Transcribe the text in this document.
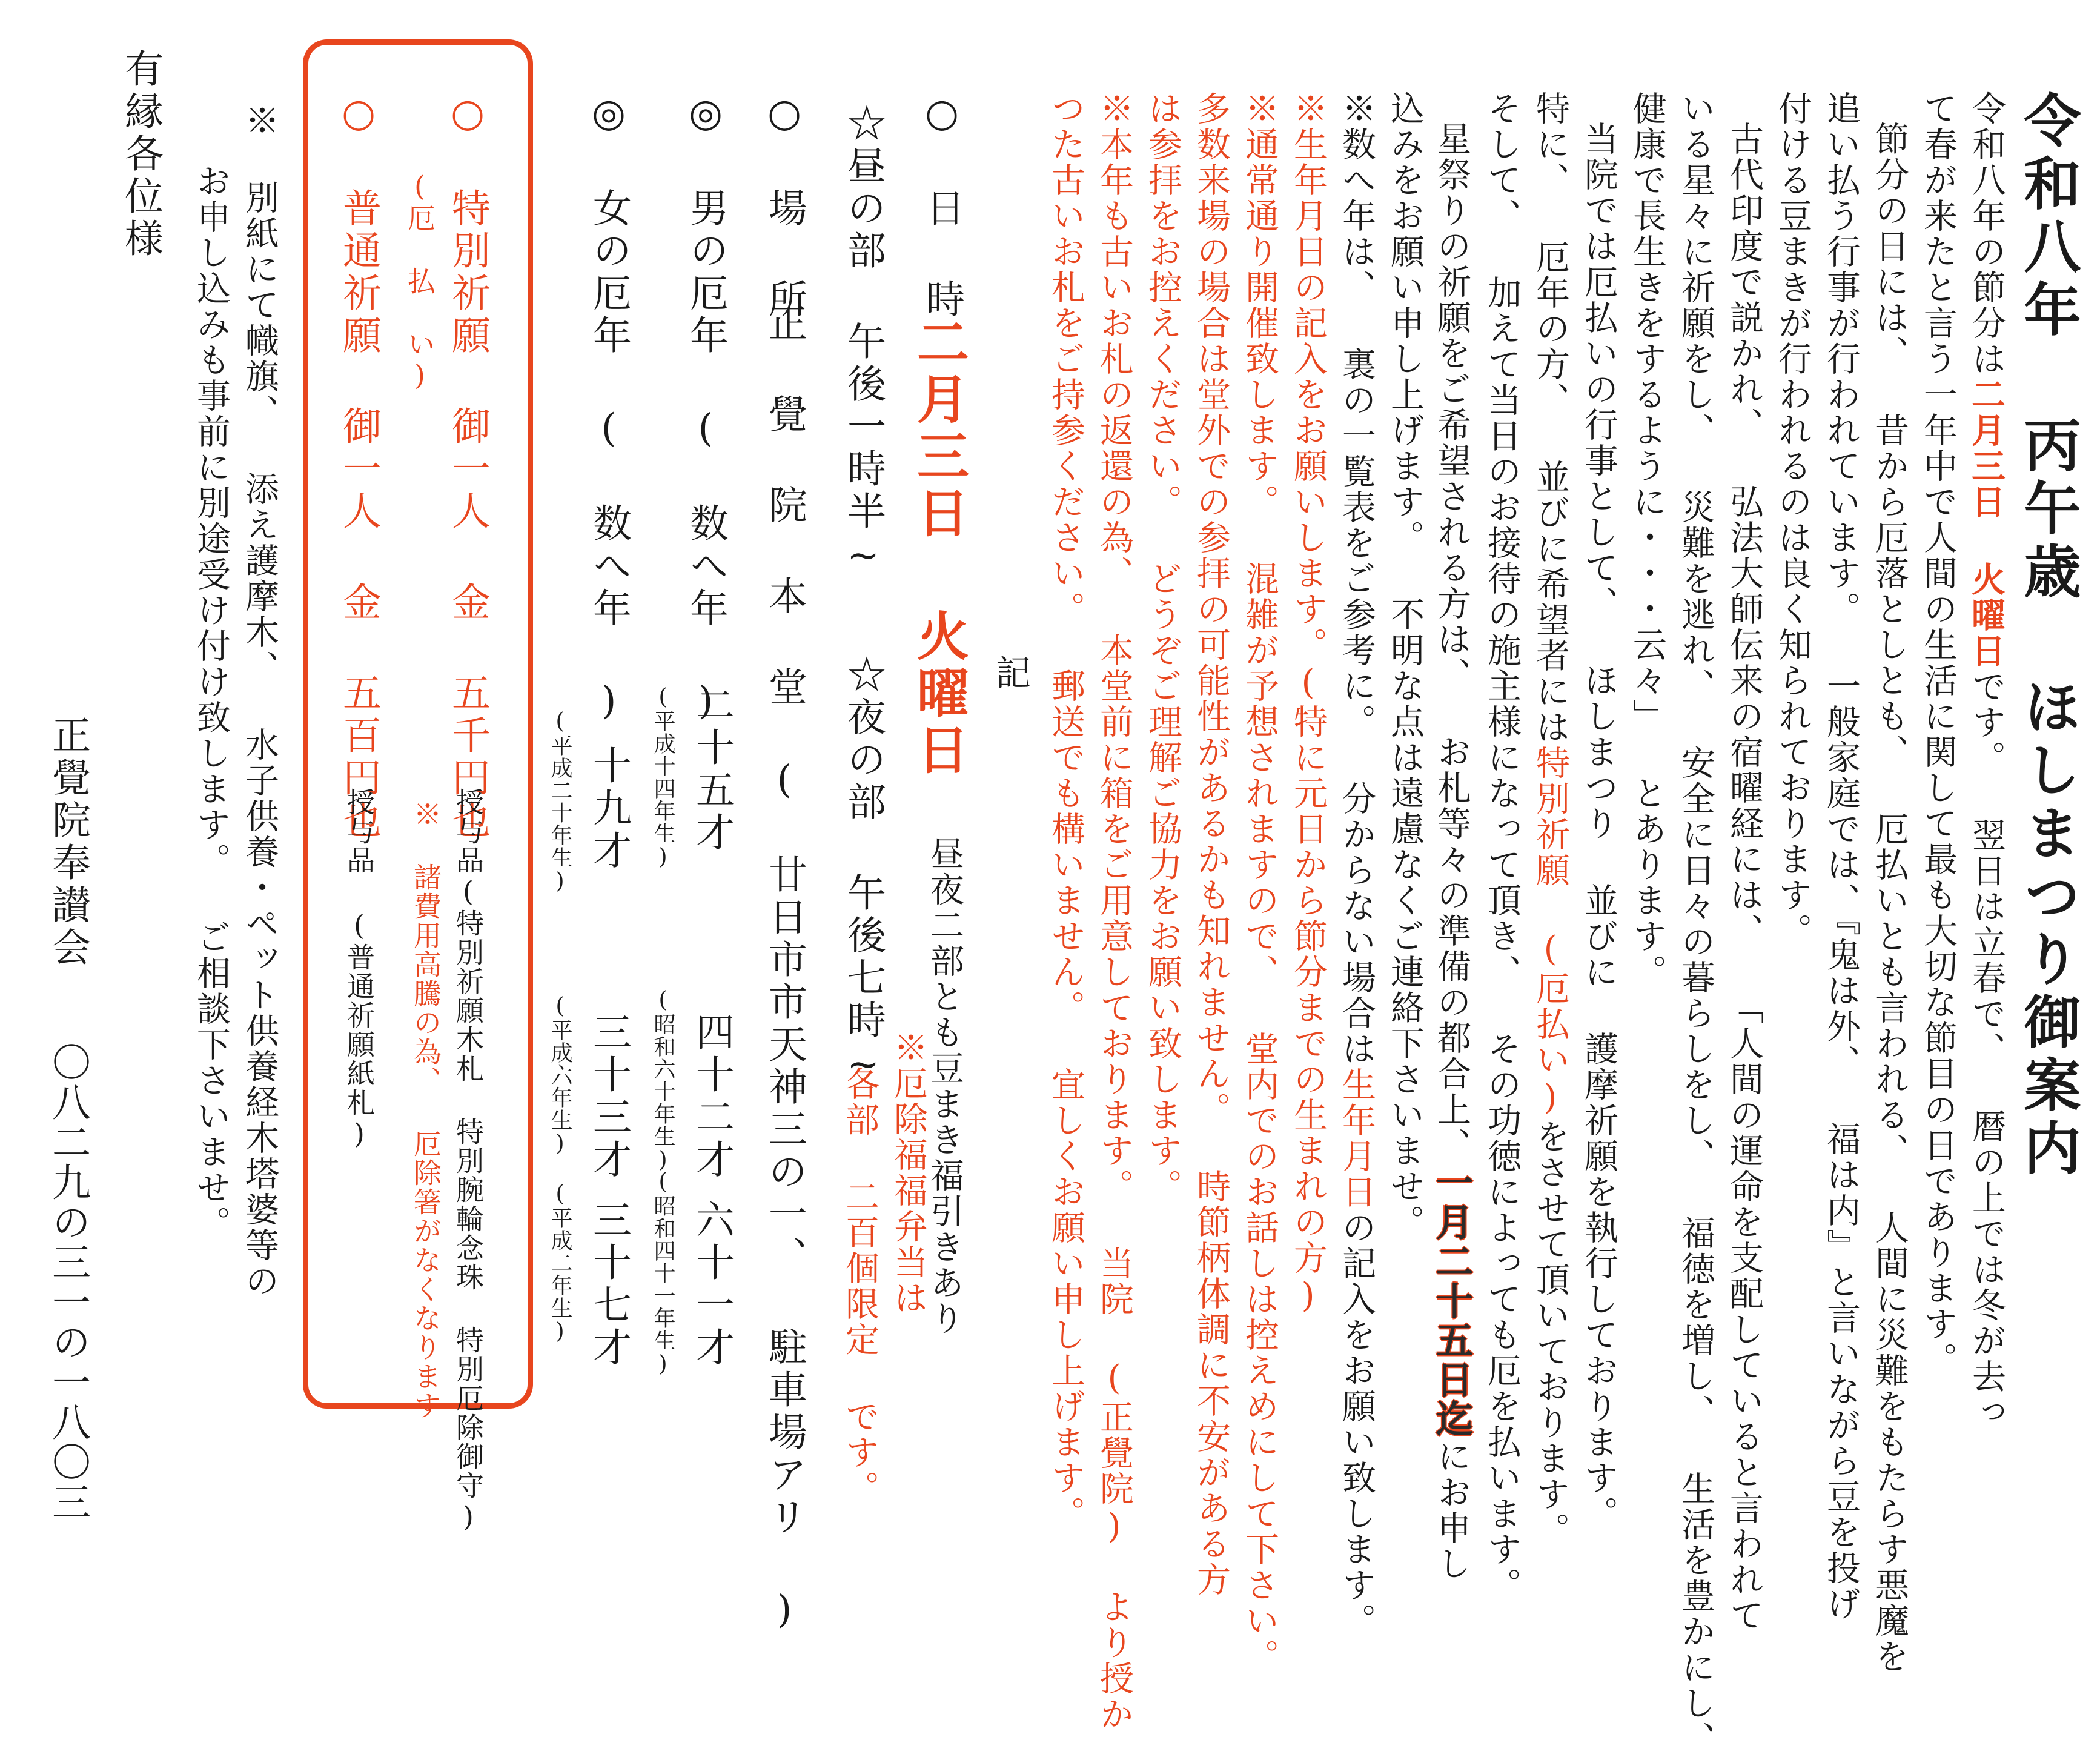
令和八年 丙午歳 ほしまつり御案内
令和八年の節分は二月三日 火曜日です。 翌日は立春で、 暦の上では冬が去っ
て春が来たと言う一年中で人間の生活に関して最も大切な節目の日であります。
節分の日には、 昔から厄落としとも、 厄払いとも言われる、 人間に災難をもたらす悪魔を
追い払う行事が行われています。 一般家庭では、『鬼は外、 福は内』と言いながら豆を投げ
付ける豆まきが行われるのは良く知られております。
古代印度で説かれ、 弘法大師伝来の宿曜経には、 「人間の運命を支配していると言われて
いる星々に祈願をし、 災難を逃れ、 安全に日々の暮らしをし、 福徳を増し、 生活を豊かにし、
健康で長生きをするように・・・云々」 とあります。
当院では厄払いの行事として、 ほしまつり 並びに 護摩祈願を執行しております。
特に、 厄年の方、 並びに希望者には特別祈願 (厄払い)をさせて頂いております。
そして、 加えて当日のお接待の施主様になって頂き、 その功徳によっても厄を払います。
星祭りの祈願をご希望される方は、 お札等々の準備の都合上、一月二十五日迄にお申し
込みをお願い申し上げます。 不明な点は遠慮なくご連絡下さいませ。
※数へ年は、 裏の一覧表をご参考に。 分からない場合は生年月日の記入をお願い致します。
※生年月日の記入をお願いします。(特に元日から節分までの生まれの方)
※通常通り開催致します。 混雑が予想されますので、 堂内でのお話しは控えめにして下さい。
多数来場の場合は堂外での参拝の可能性があるかも知れません。 時節柄体調に不安がある方
は参拝をお控えください。 どうぞご理解ご協力をお願い致します。
※本年も古いお札の返還の為、 本堂前に箱をご用意しております。 当院 (正覺院) より授か
つた古いお札をご持参ください。 郵送でも構いません。 宜しくお願い申し上げます。
記
○ 日 時
二月三日 火曜日
昼夜二部とも豆まき福引きあり
☆昼の部 午後一時半~
☆夜の部 午後七時~
※厄除福福弁当は
各部 二百個限定 です。
○ 場 所
正 覺 院 本 堂 ( 廿日市市天神三の一、 駐車場アリ )
◎ 男の厄年 ( 数へ年 )
二十五才
(平成十四年生)
四十二才
(昭和六十年生)
六十一才
(昭和四十一年生)
◎ 女の厄年 ( 数へ年 )
十九才
(平成二十年生)
三十三才
(平成六年生)
三十七才
(平成二年生)
○ 特別祈願 御一人 金 五千円也
(厄 払 い)
授与品(特別祈願木札 特別腕輪念珠 特別厄除御守)
※ 諸費用高騰の為、 厄除箸がなくなります
○ 普通祈願 御一人 金 五百円也
授与品 (普通祈願紙札)
※ 別紙にて幟旗、 添え護摩木、 水子供養・ペット供養経木塔婆等の
お申し込みも事前に別途受け付け致します。 ご相談下さいませ。
有縁各位様
正覺院奉讃会
〇八二九の三一の一八〇三
